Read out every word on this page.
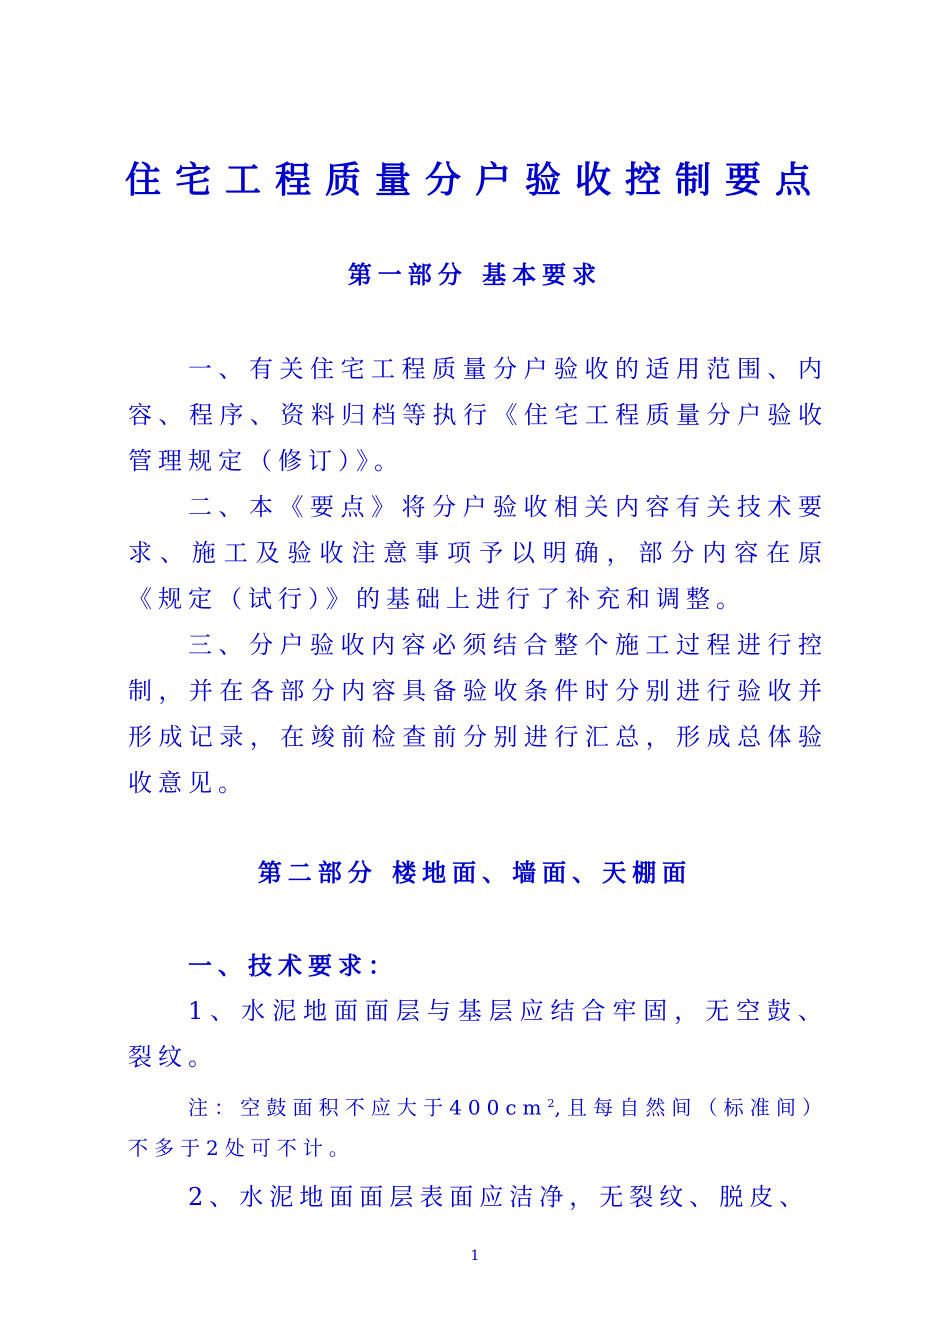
住宅工程质量分户验收控制要点
第一部分 基本要求
一、有关住宅工程质量分户验收的适用范围、内容、程序、资料归档等执行《住宅工程质量分户验收管理规定（修订）》。
二、本《要点》将分户验收相关内容有关技术要求、施工及验收注意事项予以明确，部分内容在原《规定（试行）》的基础上进行了补充和调整。
三、分户验收内容必须结合整个施工过程进行控制，并在各部分内容具备验收条件时分别进行验收并形成记录，在竣前检查前分别进行汇总，形成总体验收意见。
第二部分 楼地面、墙面、天棚面
一、技术要求：
1、水泥地面面层与基层应结合牢固，无空鼓、裂纹。
注：空鼓面积不应大于$400cm^2$,且每自然间（标准间）不多于2处可不计。
2、水泥地面面层表面应洁净，无裂纹、脱皮、
1
